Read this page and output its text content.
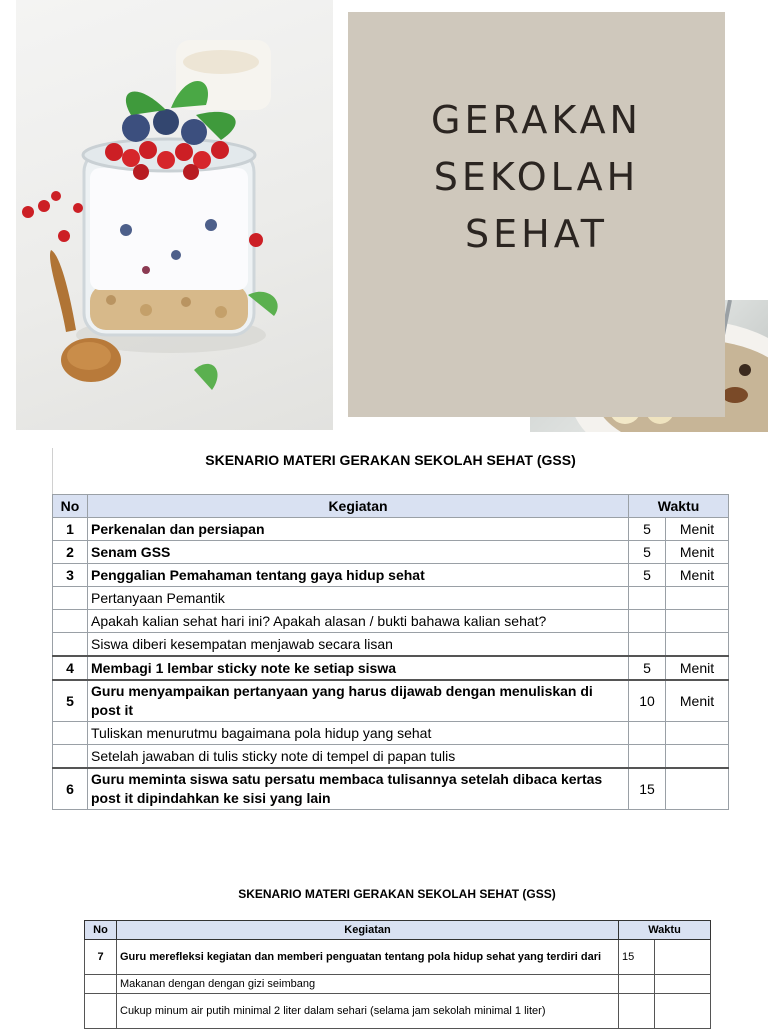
GERAKAN
SEKOLAH
SEHAT
SKENARIO MATERI GERAKAN SEKOLAH SEHAT (GSS)
No	Kegiatan	Waktu	
1	Perkenalan dan persiapan	5	Menit
2	Senam GSS	5	Menit
3	Penggalian Pemahaman tentang gaya hidup sehat	5	Menit
	Pertanyaan Pemantik		
	Apakah kalian sehat hari ini? Apakah alasan / bukti bahawa kalian sehat?		
	Siswa diberi kesempatan menjawab secara lisan		
4	Membagi 1 lembar sticky note ke setiap siswa	5	Menit
5	Guru menyampaikan pertanyaan yang harus dijawab dengan menuliskan di post it	10	Menit
	Tuliskan menurutmu bagaimana pola hidup yang sehat		
	Setelah jawaban di tulis sticky note di tempel di papan tulis		
6	Guru meminta siswa satu persatu membaca tulisannya setelah dibaca kertas post it dipindahkan ke sisi yang lain	15	
SKENARIO MATERI GERAKAN SEKOLAH SEHAT (GSS)
No	Kegiatan	Waktu	
7	Guru merefleksi kegiatan dan memberi penguatan tentang pola hidup sehat yang terdiri dari	15	
	Makanan dengan dengan gizi seimbang		
	Cukup minum air putih minimal 2 liter dalam sehari (selama jam sekolah minimal 1 liter)		
